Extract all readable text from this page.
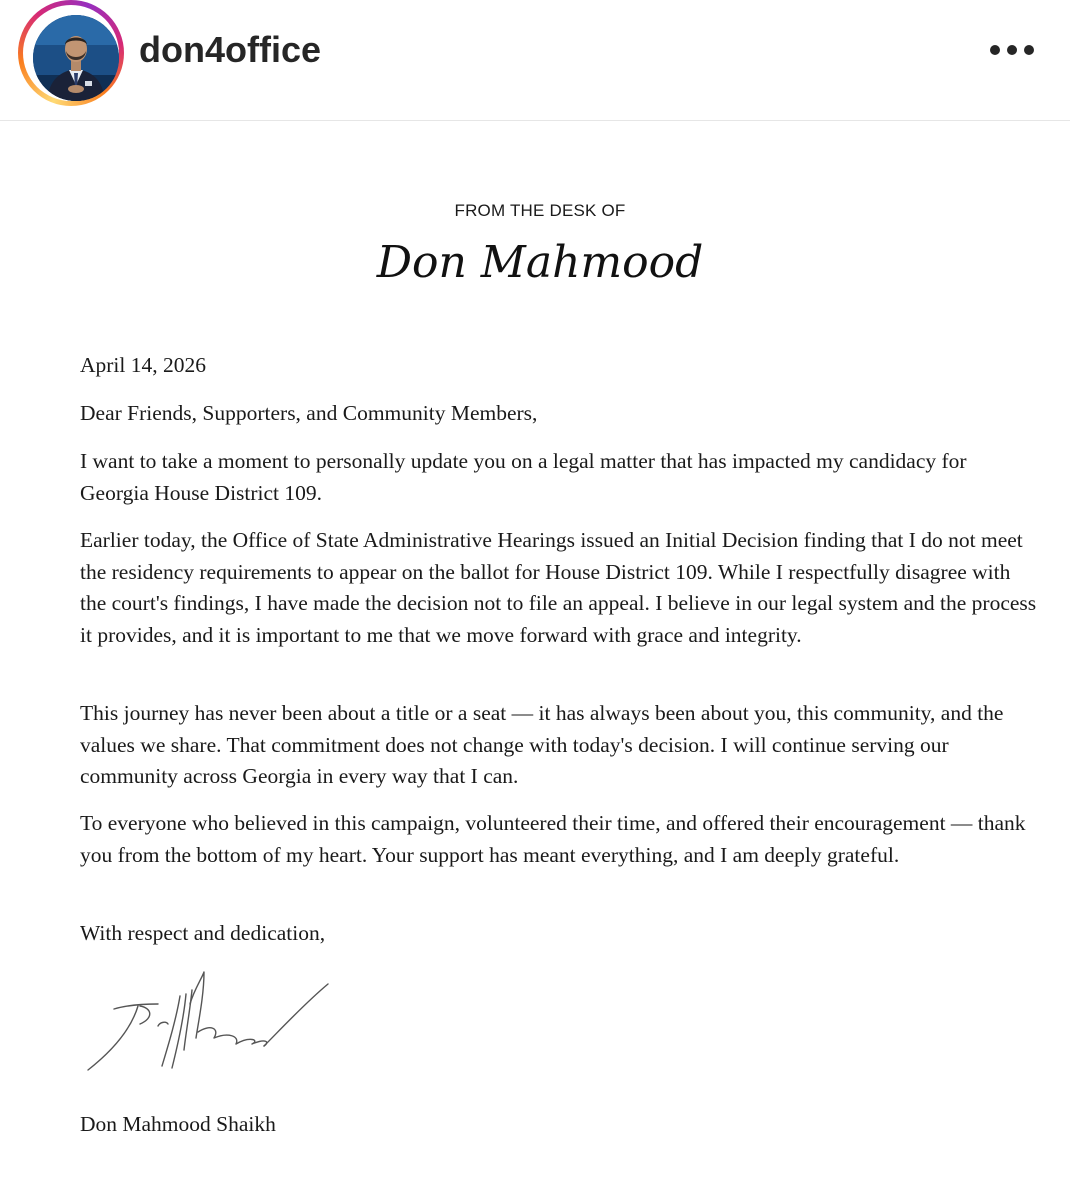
don4office
FROM THE DESK OF
Don Mahmood

April 14, 2026

Dear Friends, Supporters, and Community Members,

I want to take a moment to personally update you on a legal matter that has impacted my candidacy for Georgia House District 109.

Earlier today, the Office of State Administrative Hearings issued an Initial Decision finding that I do not meet the residency requirements to appear on the ballot for House District 109. While I respectfully disagree with the court's findings, I have made the decision not to file an appeal. I believe in our legal system and the process it provides, and it is important to me that we move forward with grace and integrity.

This journey has never been about a title or a seat — it has always been about you, this community, and the values we share. That commitment does not change with today's decision. I will continue serving our community across Georgia in every way that I can.

To everyone who believed in this campaign, volunteered their time, and offered their encouragement — thank you from the bottom of my heart. Your support has meant everything, and I am deeply grateful.

With respect and dedication,

D Mahmood

Don Mahmood Shaikh
